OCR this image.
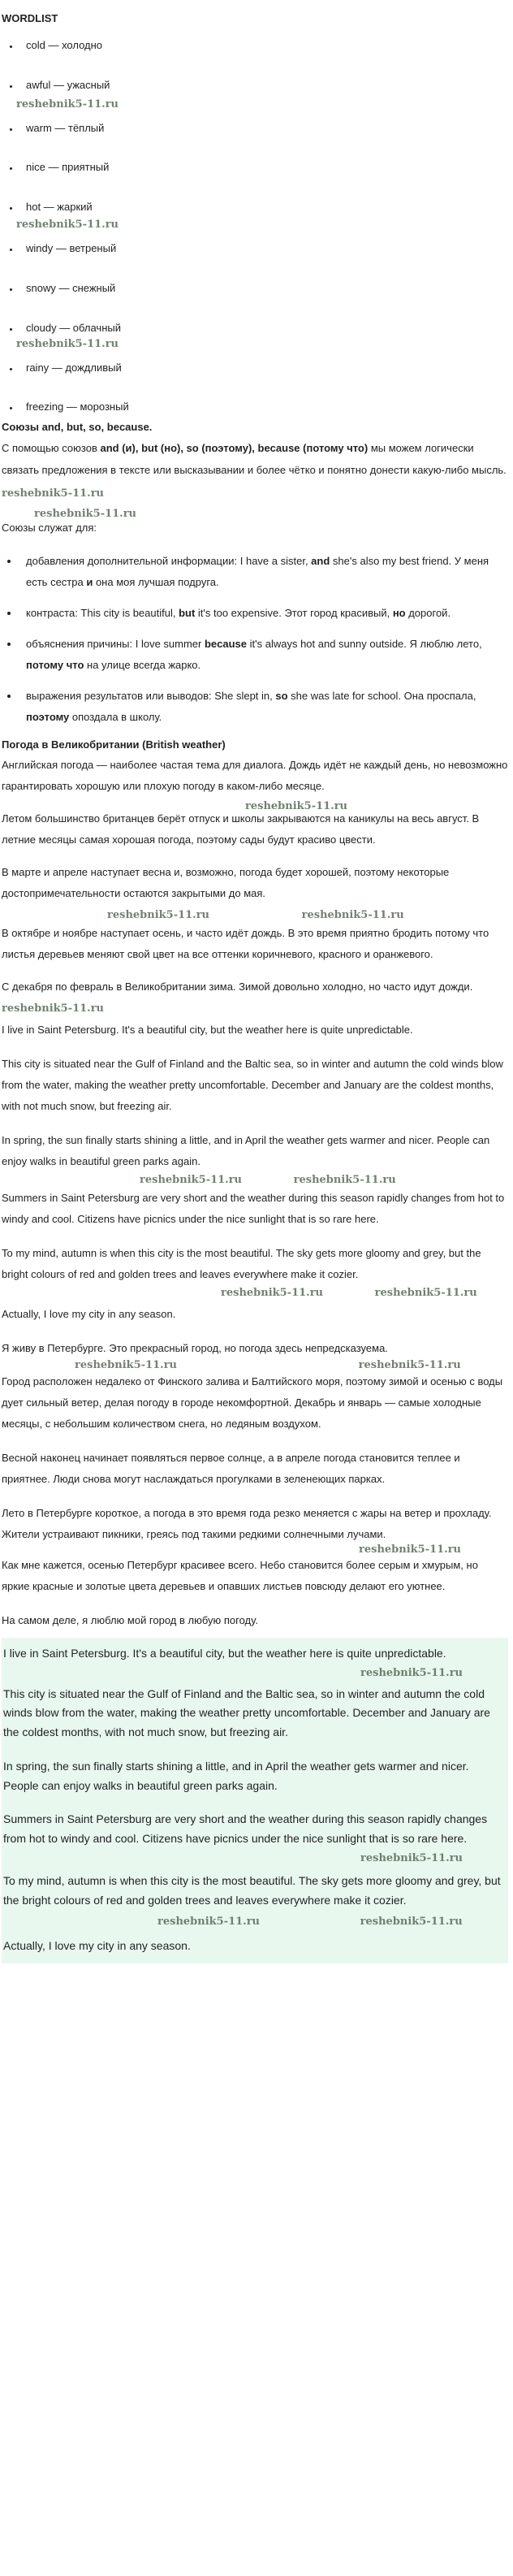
WORDLIST
• cold — холодно
• awful — ужасный
reshebnik5-11.ru
• warm — тёплый
• nice — приятный
• hot — жаркий
reshebnik5-11.ru
• windy — ветреный
• snowy — снежный
• cloudy — облачный
reshebnik5-11.ru
• rainy — дождливый
• freezing — морозный
Союзы and, but, so, because.

С помощью союзов and (и), but (но), so (поэтому), because (потому что) мы можем логически связать предложения в тексте или высказывании и более чётко и понятно донести какую-либо мысль. reshebnik5-11.ru

reshebnik5-11.ru

Союзы служат для:

• добавления дополнительной информации: I have a sister, and she's also my best friend. У меня есть сестра и она моя лучшая подруга.
• контраста: This city is beautiful, but it's too expensive. Этот город красивый, но дорогой.
• объяснения причины: I love summer because it's always hot and sunny outside. Я люблю лето, потому что на улице всегда жарко.
• выражения результатов или выводов: She slept in, so she was late for school. Она проспала, поэтому опоздала в школу.
Погода в Великобритании (British weather)

Английская погода — наиболее частая тема для диалога. Дождь идёт не каждый день, но невозможно гарантировать хорошую или плохую погоду в каком-либо месяце.

reshebnik5-11.ru

Летом большинство британцев берёт отпуск и школы закрываются на каникулы на весь август. В летние месяцы самая хорошая погода, поэтому сады будут красиво цвести.

В марте и апреле наступает весна и, возможно, погода будет хорошей, поэтому некоторые достопримечательности остаются закрытыми до мая.

reshebnik5-11.ru	reshebnik5-11.ru

В октябре и ноябре наступает осень, и часто идёт дождь. В это время приятно бродить потому что листья деревьев меняют свой цвет на все оттенки коричневого, красного и оранжевого.

С декабря по февраль в Великобритании зима. Зимой довольно холодно, но часто идут дожди. reshebnik5-11.ru

I live in Saint Petersburg. It's a beautiful city, but the weather here is quite unpredictable.

This city is situated near the Gulf of Finland and the Baltic sea, so in winter and autumn the cold winds blow from the water, making the weather pretty uncomfortable. December and January are the coldest months, with not much snow, but freezing air.

In spring, the sun finally starts shining a little, and in April the weather gets warmer and nicer. People can enjoy walks in beautiful green parks again.

reshebnik5-11.ru	reshebnik5-11.ru

Summers in Saint Petersburg are very short and the weather during this season rapidly changes from hot to windy and cool. Citizens have picnics under the nice sunlight that is so rare here.

To my mind, autumn is when this city is the most beautiful. The sky gets more gloomy and grey, but the bright colours of red and golden trees and leaves everywhere make it cozier.

reshebnik5-11.ru	reshebnik5-11.ru

Actually, I love my city in any season.

Я живу в Петербурге. Это прекрасный город, но погода здесь непредсказуема.

reshebnik5-11.ru	reshebnik5-11.ru

Город расположен недалеко от Финского залива и Балтийского моря, поэтому зимой и осенью с воды дует сильный ветер, делая погоду в городе некомфортной. Декабрь и январь — самые холодные месяцы, с небольшим количеством снега, но ледяным воздухом.

Весной наконец начинает появляться первое солнце, а в апреле погода становится теплее и приятнее. Люди снова могут наслаждаться прогулками в зеленеющих парках.

Лето в Петербурге короткое, а погода в это время года резко меняется с жары на ветер и прохладу. Жители устраивают пикники, греясь под такими редкими солнечными лучами.

reshebnik5-11.ru

Как мне кажется, осенью Петербург красивее всего. Небо становится более серым и хмурым, но яркие красные и золотые цвета деревьев и опавших листьев повсюду делают его уютнее.

На самом деле, я люблю мой город в любую погоду.

I live in Saint Petersburg. It's a beautiful city, but the weather here is quite unpredictable.

reshebnik5-11.ru

This city is situated near the Gulf of Finland and the Baltic sea, so in winter and autumn the cold winds blow from the water, making the weather pretty uncomfortable. December and January are the coldest months, with not much snow, but freezing air.

In spring, the sun finally starts shining a little, and in April the weather gets warmer and nicer. People can enjoy walks in beautiful green parks again.

Summers in Saint Petersburg are very short and the weather during this season rapidly changes from hot to windy and cool. Citizens have picnics under the nice sunlight that is so rare here.

reshebnik5-11.ru

To my mind, autumn is when this city is the most beautiful. The sky gets more gloomy and grey, but the bright colours of red and golden trees and leaves everywhere make it cozier.

reshebnik5-11.ru	reshebnik5-11.ru

Actually, I love my city in any season.
